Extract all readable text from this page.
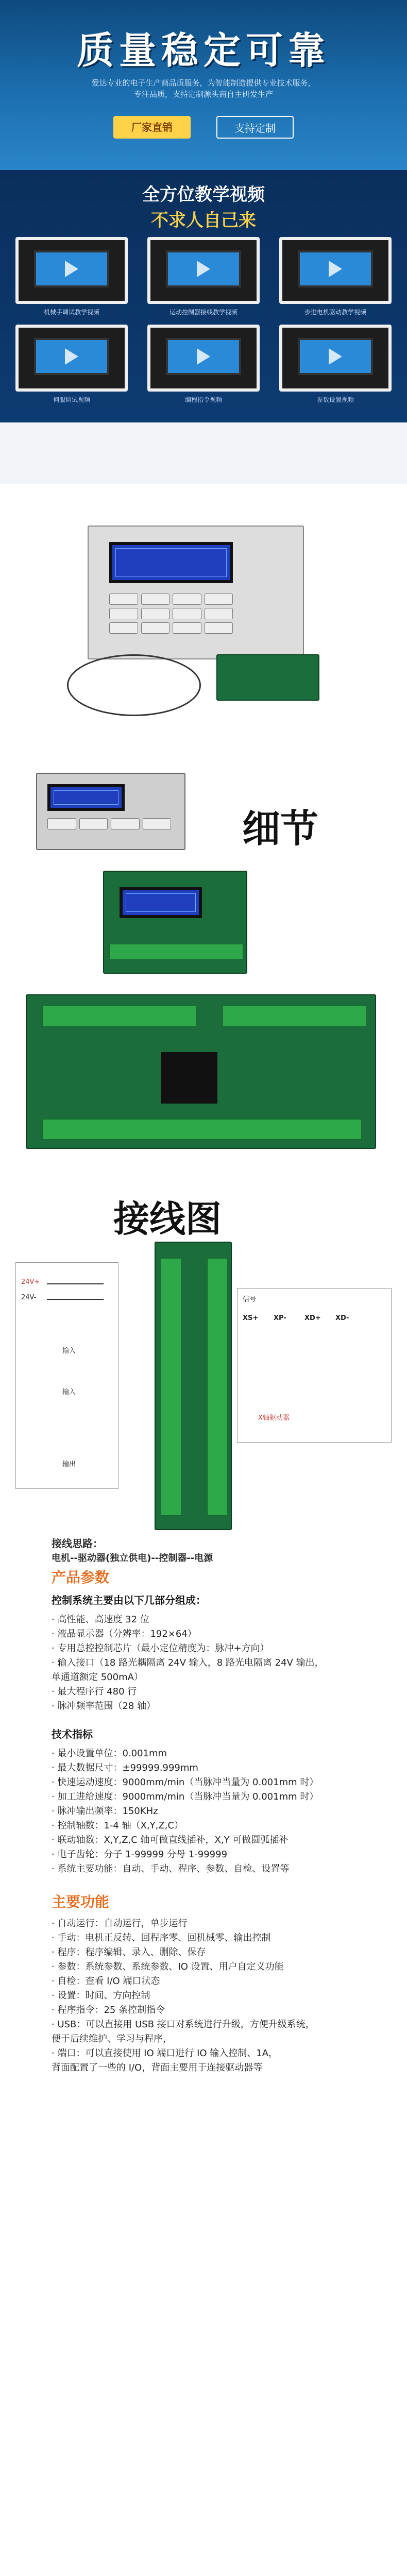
质量稳定可靠
爱达专业的电子生产商品质服务，为智能制造提供专业技术服务，
专注品质，支持定制源头商自主研发生产
厂家直销	支持定制
全方位教学视频
不求人自己来
机械手调试教学视频	运动控制器接线教学视频	步进电机驱动教学视频
伺服调试视频	编程指令视频	参数设置视频
细节
接线图
24V+
24V-
输入
输入
输出
信号
XS+ XP-	XD+ XD-
X轴驱动器
接线思路：
电机--驱动器(独立供电)--控制器--电源
产品参数
控制系统主要由以下几部分组成：
· 高性能、高速度 32 位
· 液晶显示器（分辨率：192×64）
· 专用总控控制芯片（最小定位精度为：脉冲+方向）
· 输入接口（18 路光耦隔离 24V 输入，8 路光电隔离 24V 输出，
单通道额定 500mA）
· 最大程序行 480 行
· 脉冲频率范围（28 轴）
技术指标
· 最小设置单位：0.001mm
· 最大数据尺寸：±99999.999mm
· 快速运动速度：9000mm/min（当脉冲当量为 0.001mm 时）
· 加工进给速度：9000mm/min（当脉冲当量为 0.001mm 时）
· 脉冲输出频率：150KHz
· 控制轴数：1-4 轴（X,Y,Z,C）
· 联动轴数：X,Y,Z,C 轴可做直线插补，X,Y 可做圆弧插补
· 电子齿轮：分子 1-99999 分母 1-99999
· 系统主要功能：自动、手动、程序、参数、自检、设置等
主要功能
· 自动运行：自动运行，单步运行
· 手动：电机正反转、回程序零、回机械零、输出控制
· 程序：程序编辑、录入、删除、保存
· 参数：系统参数、系统参数、IO 设置、用户自定义功能
· 自检：查看 I/O 端口状态
· 设置：时间、方向控制
· 程序指令：25 条控制指令
· USB：可以直接用 USB 接口对系统进行升级，方便升级系统，
便于后续维护、学习与程序，
· 端口：可以直接使用 IO 端口进行 IO 输入控制、1A，
背面配置了一些的 I/O，背面主要用于连接驱动器等
